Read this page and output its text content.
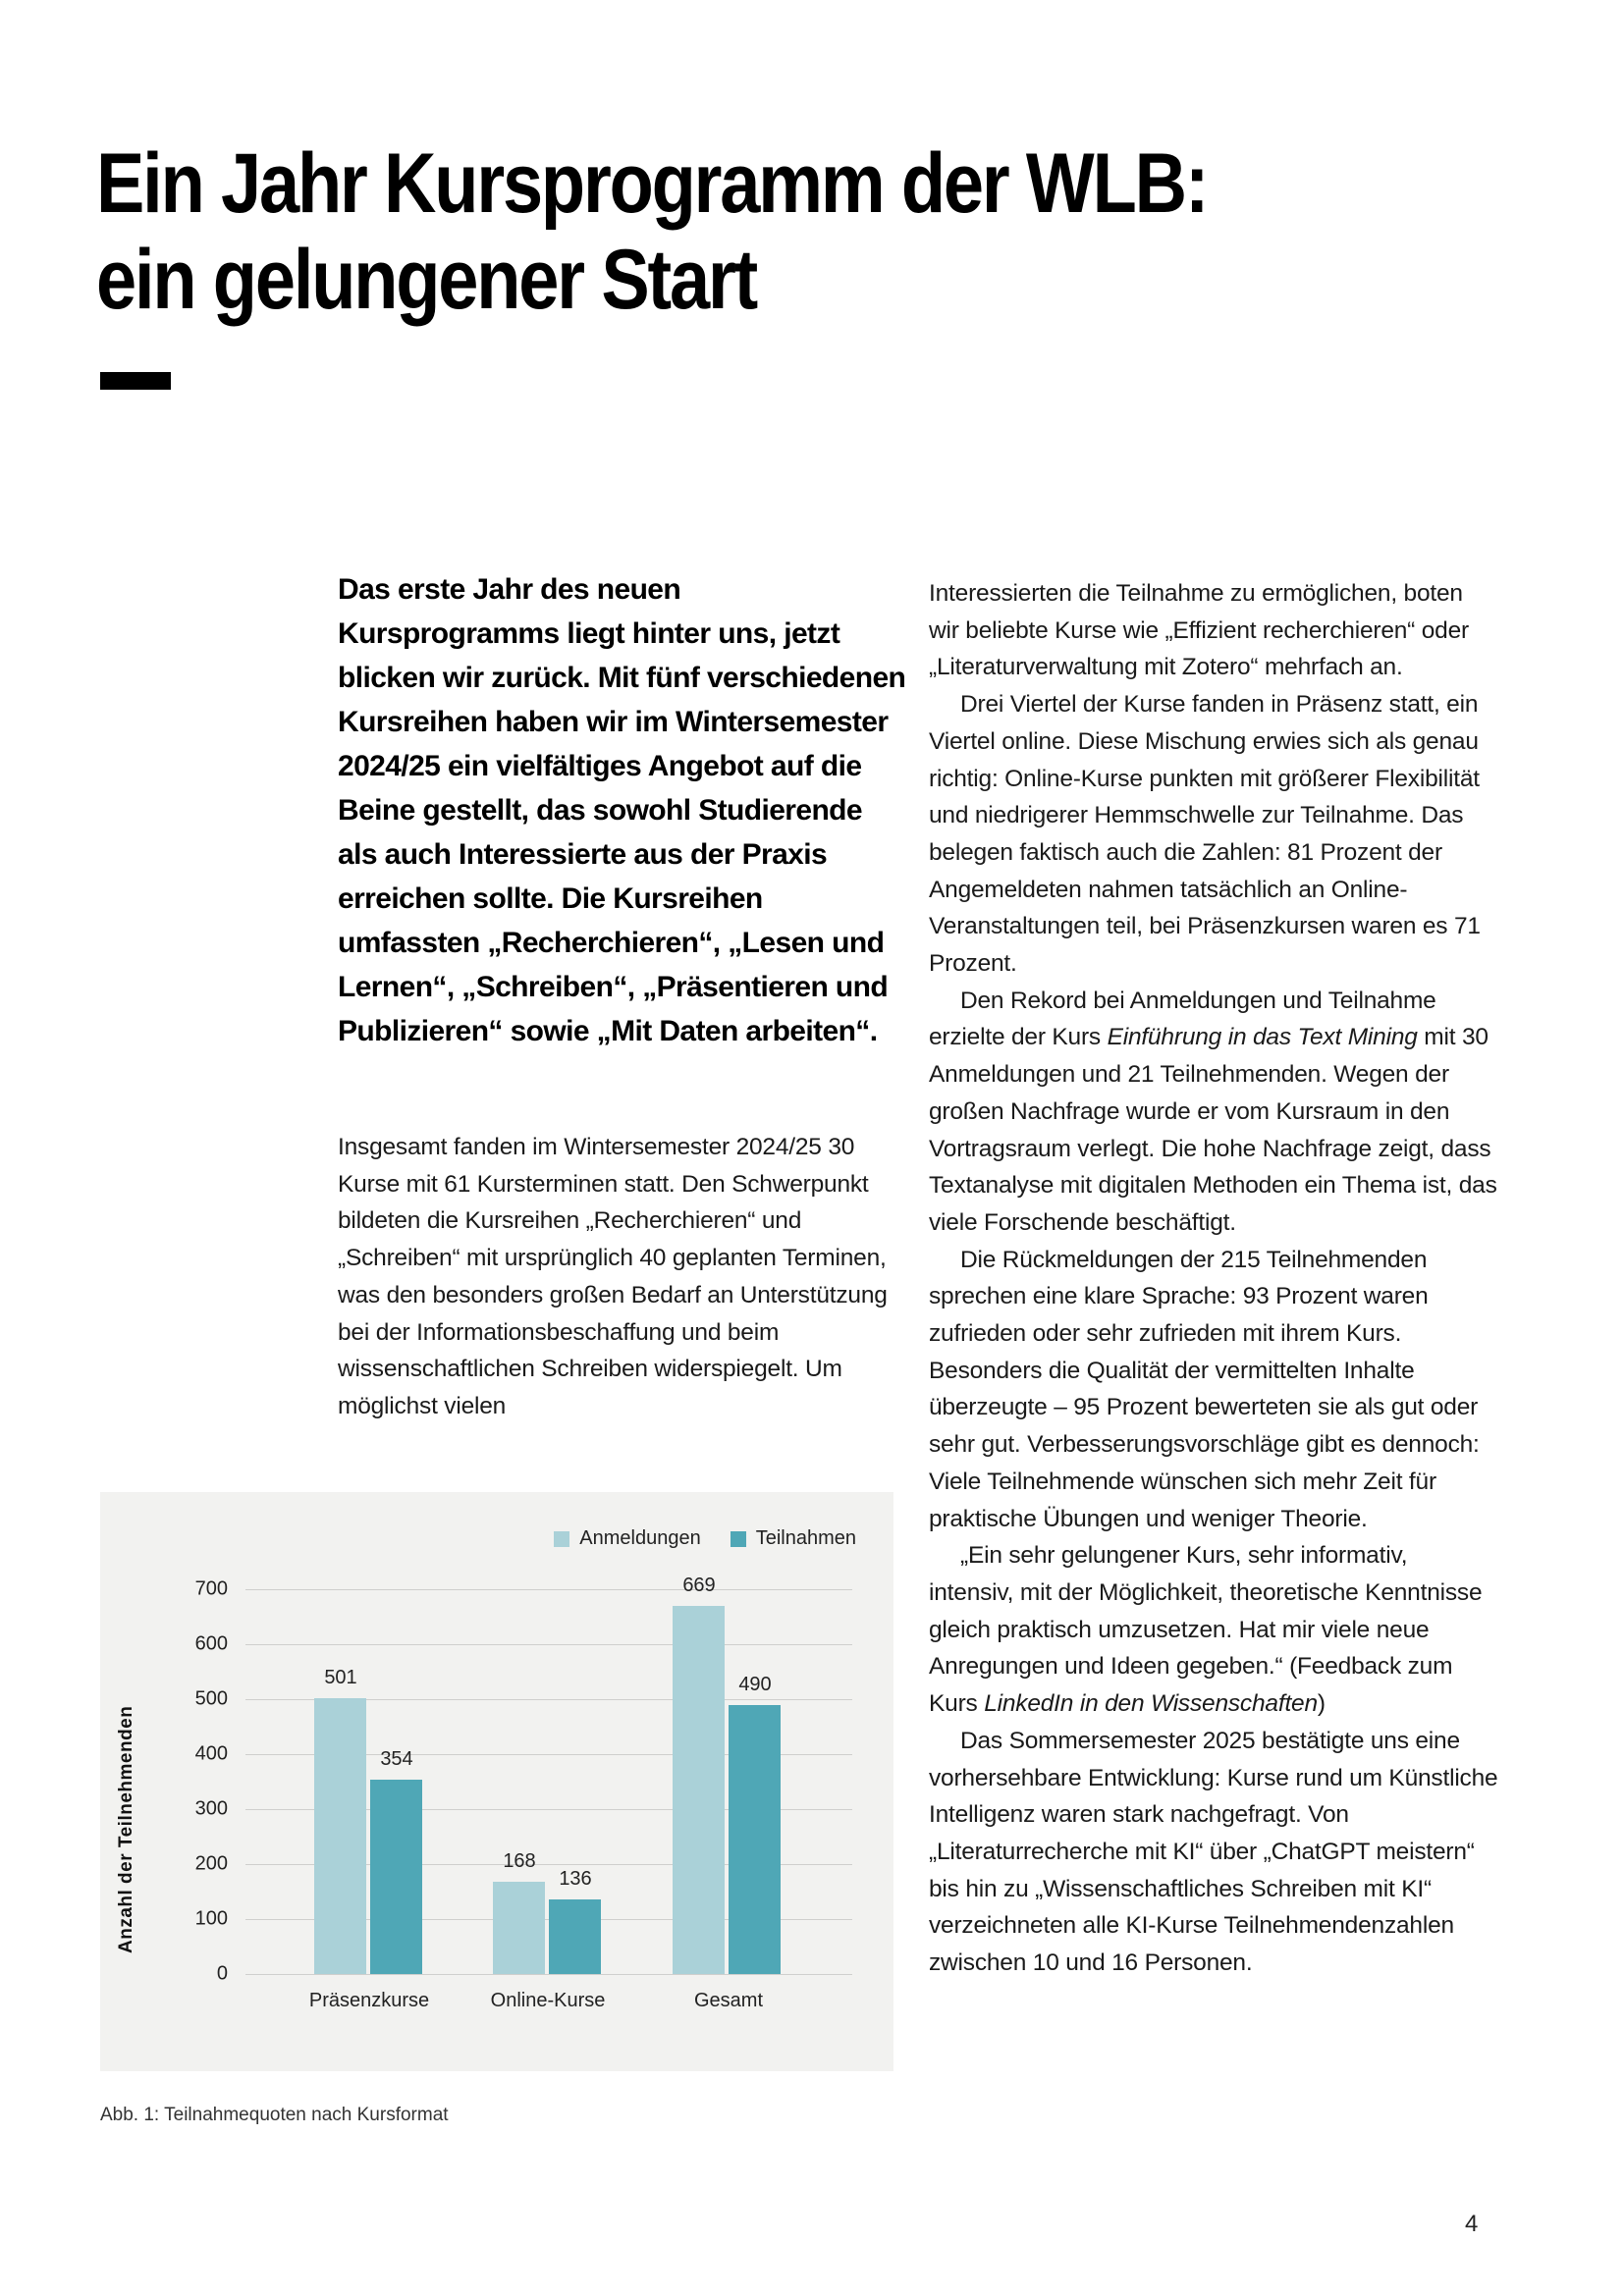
Ein Jahr Kursprogramm der WLB:
ein gelungener Start

Das erste Jahr des neuen Kursprogramms liegt hinter uns, jetzt blicken wir zurück. Mit fünf verschiedenen Kursreihen haben wir im Wintersemester 2024/25 ein vielfältiges Angebot auf die Beine gestellt, das sowohl Studierende als auch Interessierte aus der Praxis erreichen sollte. Die Kursreihen umfassten „Recherchieren“, „Lesen und Lernen“, „Schreiben“, „Präsentieren und Publizieren“ sowie „Mit Daten arbeiten“.

Insgesamt fanden im Wintersemester 2024/25 30 Kurse mit 61 Kursterminen statt. Den Schwerpunkt bildeten die Kursreihen „Recherchieren“ und „Schreiben“ mit ursprünglich 40 geplanten Terminen, was den besonders großen Bedarf an Unterstützung bei der Informationsbeschaffung und beim wissenschaftlichen Schreiben widerspiegelt. Um möglichst vielen

Interessierten die Teilnahme zu ermöglichen, boten wir beliebte Kurse wie „Effizient recherchieren“ oder „Literaturverwaltung mit Zotero“ mehrfach an.

Drei Viertel der Kurse fanden in Präsenz statt, ein Viertel online. Diese Mischung erwies sich als genau richtig: Online-Kurse punkten mit größerer Flexibilität und niedrigerer Hemmschwelle zur Teilnahme. Das belegen faktisch auch die Zahlen: 81 Prozent der Angemeldeten nahmen tatsächlich an Online-Veranstaltungen teil, bei Präsenzkursen waren es 71 Prozent.

Den Rekord bei Anmeldungen und Teilnahme erzielte der Kurs Einführung in das Text Mining mit 30 Anmeldungen und 21 Teilnehmenden. Wegen der großen Nachfrage wurde er vom Kursraum in den Vortragsraum verlegt. Die hohe Nachfrage zeigt, dass Textanalyse mit digitalen Methoden ein Thema ist, das viele Forschende beschäftigt.

Die Rückmeldungen der 215 Teilnehmenden sprechen eine klare Sprache: 93 Prozent waren zufrieden oder sehr zufrieden mit ihrem Kurs. Besonders die Qualität der vermittelten Inhalte überzeugte – 95 Prozent bewerteten sie als gut oder sehr gut. Verbesserungsvorschläge gibt es dennoch: Viele Teilnehmende wünschen sich mehr Zeit für praktische Übungen und weniger Theorie.

„Ein sehr gelungener Kurs, sehr informativ, intensiv, mit der Möglichkeit, theoretische Kenntnisse gleich praktisch umzusetzen. Hat mir viele neue Anregungen und Ideen gegeben.“ (Feedback zum Kurs LinkedIn in den Wissenschaften)

Das Sommersemester 2025 bestätigte uns eine vorhersehbare Entwicklung: Kurse rund um Künstliche Intelligenz waren stark nachgefragt. Von „Literaturrecherche mit KI“ über „ChatGPT meistern“ bis hin zu „Wissenschaftliches Schreiben mit KI“ verzeichneten alle KI-Kurse Teilnehmendenzahlen zwischen 10 und 16 Personen.

Anmeldungen	Teilnahmen
Anzahl der Teilnehmenden
700
600
500
400
300
200
100
0
501
354
168
136
669
490
Präsenzkurse	Online-Kurse	Gesamt
Abb. 1: Teilnahmequoten nach Kursformat
4
